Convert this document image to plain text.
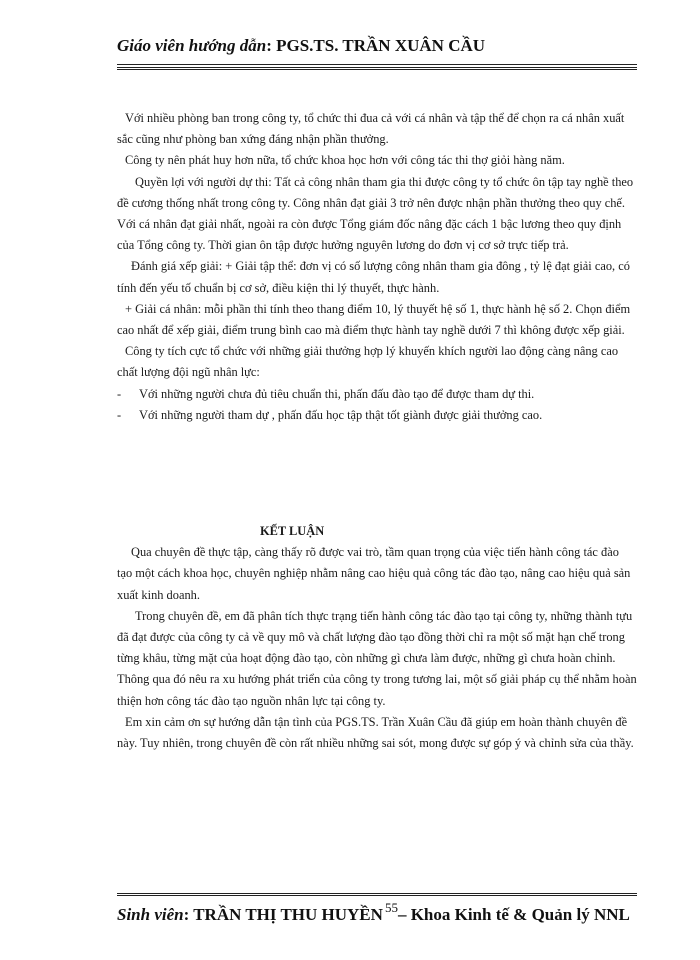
Giáo viên hướng dẫn: PGS.TS. TRẦN XUÂN CẦU

Với nhiều phòng ban trong công ty, tổ chức thi đua cả với cá nhân và tập thể để chọn ra cá nhân xuất sắc cũng như phòng ban xứng đáng nhận phần thưởng.

Công ty nên phát huy hơn nữa, tổ chức khoa học hơn với công tác thi thợ giỏi hàng năm.

Quyền lợi với người dự thi: Tất cả công nhân tham gia thi được công ty tổ chức ôn tập tay nghề theo đề cương thống nhất trong công ty. Công nhân đạt giải 3 trở nên được nhận phần thưởng theo quy chế. Với cá nhân đạt giải nhất, ngoài ra còn được Tổng giám đốc nâng đặc cách 1 bậc lương theo quy định của Tổng công ty. Thời gian ôn tập được hưởng nguyên lương do đơn vị cơ sở trực tiếp trả.

Đánh giá xếp giải: + Giải tập thể: đơn vị có số lượng công nhân tham gia đông , tỷ lệ đạt giải cao, có tính đến yếu tố chuẩn bị cơ sở, điều kiện thi lý thuyết, thực hành.

+ Giải cá nhân: mỗi phần thi tính theo thang điểm 10, lý thuyết hệ số 1, thực hành hệ số 2. Chọn điểm cao nhất để xếp giải, điểm trung bình cao mà điểm thực hành tay nghề dưới 7 thì không được xếp giải.

Công ty tích cực tổ chức với những giải thưởng hợp lý khuyến khích người lao động càng nâng cao chất lượng đội ngũ nhân lực:

- Với những người chưa đủ tiêu chuẩn thi, phấn đấu đào tạo để được tham dự thi.

- Với những người tham dự , phấn đấu học tập thật tốt giành được giải thưởng cao.

KẾT LUẬN

Qua chuyên đề thực tập, càng thấy rõ được vai trò, tầm quan trọng của việc tiến hành công tác đào tạo một cách khoa học, chuyên nghiệp nhằm nâng cao hiệu quả công tác đào tạo, nâng cao hiệu quả sản xuất kinh doanh.

Trong chuyên đề, em đã phân tích thực trạng tiến hành công tác đào tạo tại công ty, những thành tựu đã đạt được của công ty cả về quy mô và chất lượng đào tạo đồng thời chỉ ra một số mặt hạn chế trong từng khâu, từng mặt của hoạt động đào tạo, còn những gì chưa làm được, những gì chưa hoàn chỉnh. Thông qua đó nêu ra xu hướng phát triển của công ty trong tương lai, một số giải pháp cụ thể nhằm hoàn thiện hơn công tác đào tạo nguồn nhân lực tại công ty.

Em xin cảm ơn sự hướng dẫn tận tình của PGS.TS. Trần Xuân Cầu đã giúp em hoàn thành chuyên đề này. Tuy nhiên, trong chuyên đề còn rất nhiều những sai sót, mong được sự góp ý và chỉnh sửa của thầy.

Sinh viên: TRẦN THỊ THU HUYỀN $^{55}$– Khoa Kinh tế & Quản lý NNL
